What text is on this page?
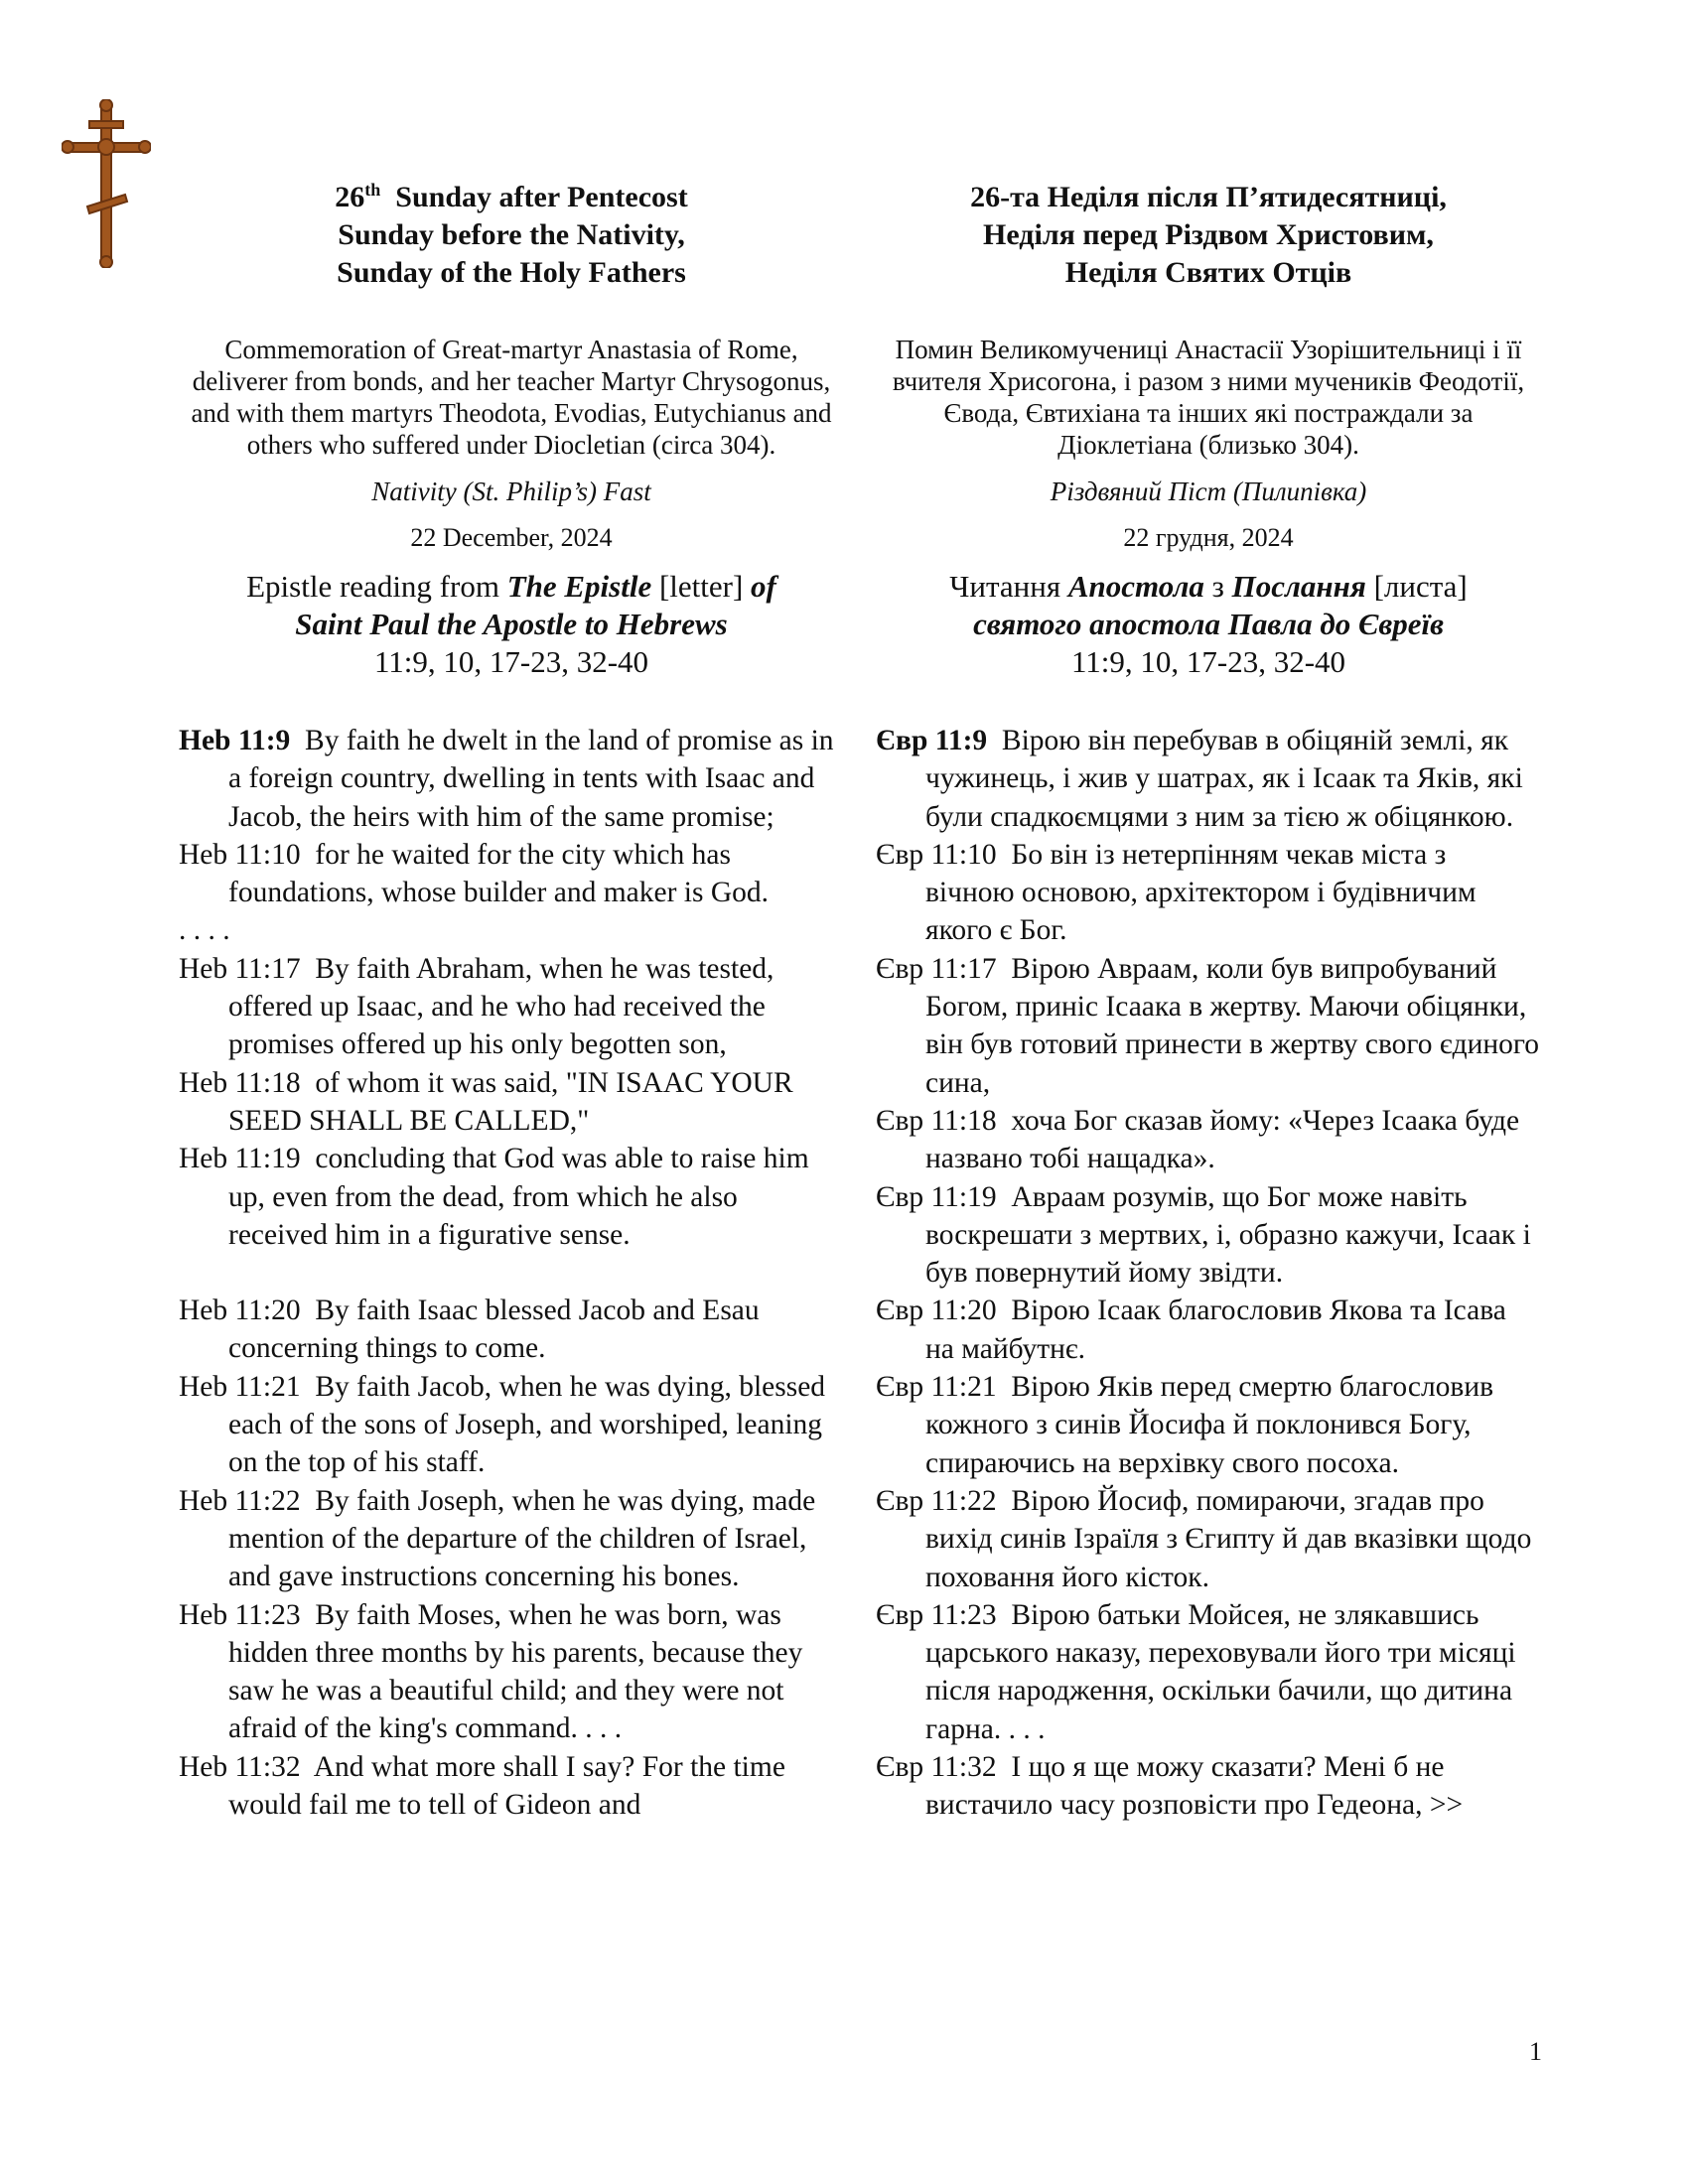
26th  Sunday after Pentecost
Sunday before the Nativity,
Sunday of the Holy Fathers

Commemoration of Great-martyr Anastasia of Rome, deliverer from bonds, and her teacher Martyr Chrysogonus, and with them martyrs Theodota, Evodias, Eutychianus and others who suffered under Diocletian (circa 304).

Nativity (St. Philip’s) Fast

22 December, 2024

Epistle reading from The Epistle [letter] of
Saint Paul the Apostle to Hebrews
11:9, 10, 17-23, 32-40

Heb 11:9  By faith he dwelt in the land of promise as in a foreign country, dwelling in tents with Isaac and Jacob, the heirs with him of the same promise;

Heb 11:10  for he waited for the city which has foundations, whose builder and maker is God.

. . . .

Heb 11:17  By faith Abraham, when he was tested, offered up Isaac, and he who had received the promises offered up his only begotten son,

Heb 11:18  of whom it was said, "IN ISAAC YOUR SEED SHALL BE CALLED,"

Heb 11:19  concluding that God was able to raise him up, even from the dead, from which he also received him in a figurative sense.

Heb 11:20  By faith Isaac blessed Jacob and Esau concerning things to come.

Heb 11:21  By faith Jacob, when he was dying, blessed each of the sons of Joseph, and worshiped, leaning on the top of his staff.

Heb 11:22  By faith Joseph, when he was dying, made mention of the departure of the children of Israel, and gave instructions concerning his bones.

Heb 11:23  By faith Moses, when he was born, was hidden three months by his parents, because they saw he was a beautiful child; and they were not afraid of the king's command. . . .

Heb 11:32  And what more shall I say? For the time would fail me to tell of Gideon and

26-та Неділя після П’ятидесятниці,
Неділя перед Різдвом Христовим,
Неділя Святих Отців

Помин Великомучениці Анастасії Узорішительниці і її вчителя Хрисогона, і разом з ними мучеників Феодотії, Євода, Євтихіана та інших які постраждали за Діоклетіана (близько 304).

Різдвяний Піст (Пилипівка)

22 грудня, 2024

Читання Апостола з Послання [листа]
святого апостола Павла до Євреїв
11:9, 10, 17-23, 32-40

Євр 11:9  Вірою він перебував в обіцяній землі, як чужинець, і жив у шатрах, як і Ісаак та Яків, які були спадкоємцями з ним за тією ж обіцянкою.

Євр 11:10  Бо він із нетерпінням чекав міста з вічною основою, архітектором і будівничим якого є Бог.

Євр 11:17  Вірою Авраам, коли був випробуваний Богом, приніс Ісаака в жертву. Маючи обіцянки, він був готовий принести в жертву свого єдиного сина,

Євр 11:18  хоча Бог сказав йому: «Через Ісаака буде названо тобі нащадка».

Євр 11:19  Авраам розумів, що Бог може навіть воскрешати з мертвих, і, образно кажучи, Ісаак і був повернутий йому звідти.

Євр 11:20  Вірою Ісаак благословив Якова та Ісава на майбутнє.

Євр 11:21  Вірою Яків перед смертю благословив кожного з синів Йосифа й поклонився Богу, спираючись на верхівку свого посоха.

Євр 11:22  Вірою Йосиф, помираючи, згадав про вихід синів Ізраїля з Єгипту й дав вказівки щодо поховання його кісток.

Євр 11:23  Вірою батьки Мойсея, не злякавшись царського наказу, переховували його три місяці після народження, оскільки бачили, що дитина гарна. . . .

Євр 11:32  І що я ще можу сказати? Мені б не вистачило часу розповісти про Гедеона, >>

1
